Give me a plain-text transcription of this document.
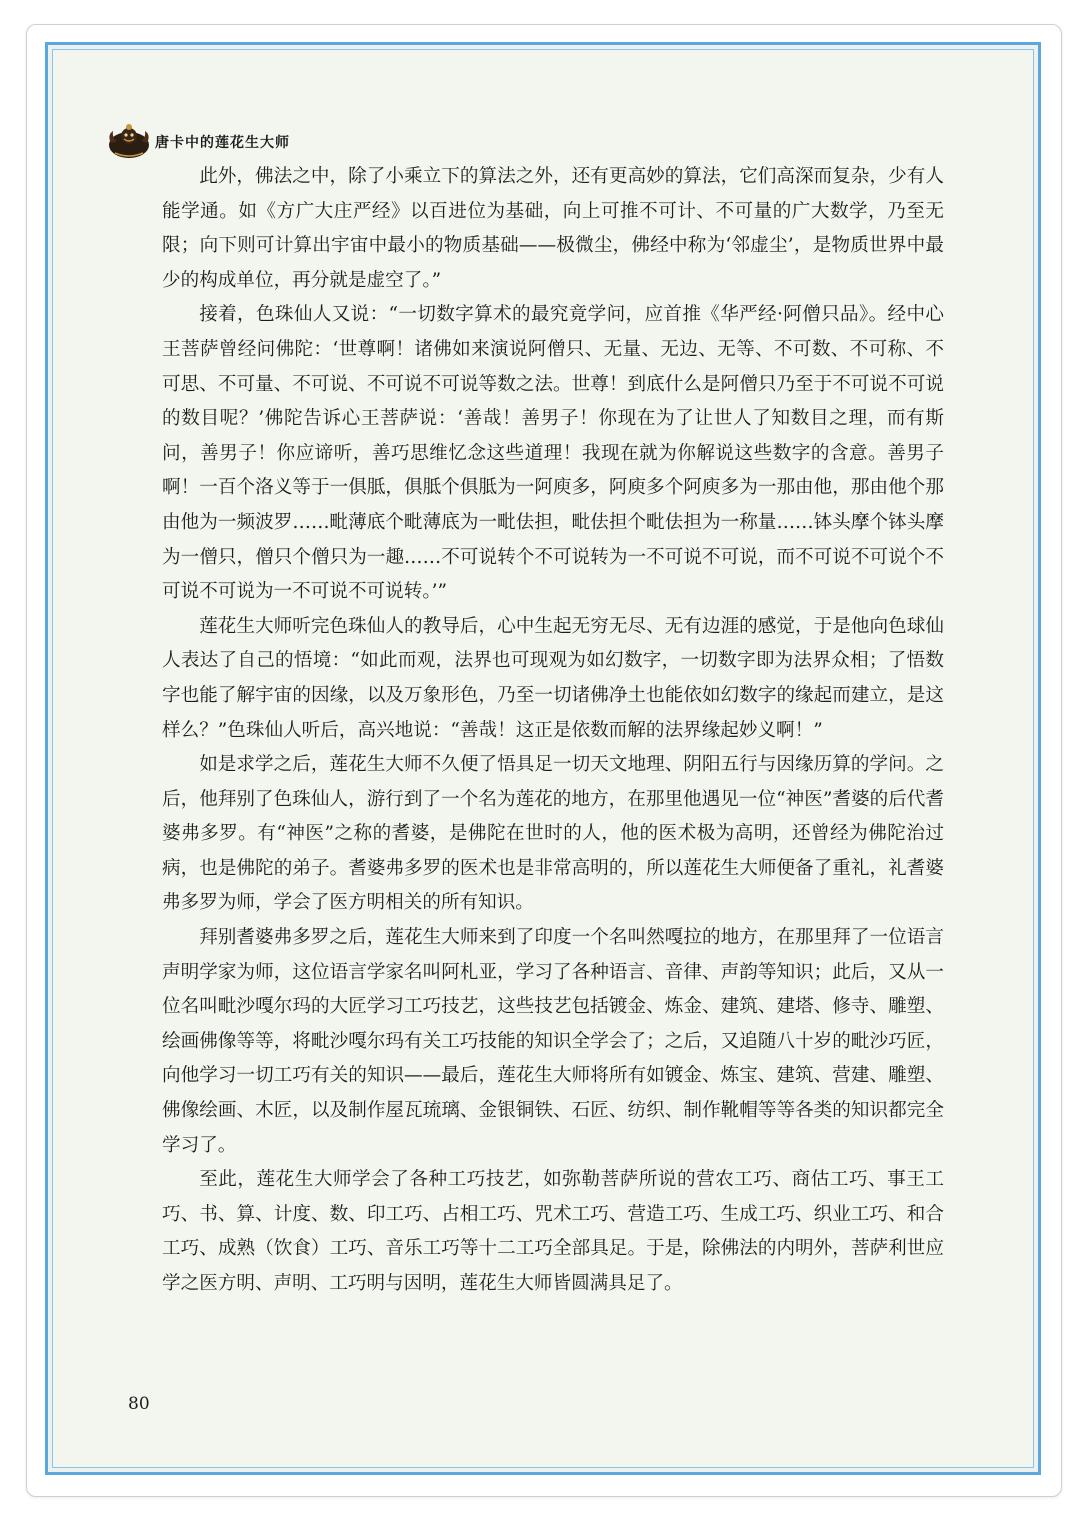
唐卡中的莲花生大师

此外，佛法之中，除了小乘立下的算法之外，还有更高妙的算法，它们高深而复杂，少有人能学通。如《方广大庄严经》以百进位为基础，向上可推不可计、不可量的广大数学，乃至无限；向下则可计算出宇宙中最小的物质基础——极微尘，佛经中称为‘邻虚尘’，是物质世界中最少的构成单位，再分就是虚空了。”

接着，色珠仙人又说：“一切数字算术的最究竟学问，应首推《华严经·阿僧只品》。经中心王菩萨曾经问佛陀：‘世尊啊！诸佛如来演说阿僧只、无量、无边、无等、不可数、不可称、不可思、不可量、不可说、不可说不可说等数之法。世尊！到底什么是阿僧只乃至于不可说不可说的数目呢？’佛陀告诉心王菩萨说：‘善哉！善男子！你现在为了让世人了知数目之理，而有斯问，善男子！你应谛听，善巧思维忆念这些道理！我现在就为你解说这些数字的含意。善男子啊！一百个洛义等于一俱胝，俱胝个俱胝为一阿庾多，阿庾多个阿庾多为一那由他，那由他个那由他为一频波罗……毗薄底个毗薄底为一毗佉担，毗佉担个毗佉担为一称量……钵头摩个钵头摩为一僧只，僧只个僧只为一趣……不可说转个不可说转为一不可说不可说，而不可说不可说个不可说不可说为一不可说不可说转。’”

莲花生大师听完色珠仙人的教导后，心中生起无穷无尽、无有边涯的感觉，于是他向色球仙人表达了自己的悟境：“如此而观，法界也可现观为如幻数字，一切数字即为法界众相；了悟数字也能了解宇宙的因缘，以及万象形色，乃至一切诸佛净土也能依如幻数字的缘起而建立，是这样么？”色珠仙人听后，高兴地说：“善哉！这正是依数而解的法界缘起妙义啊！”

如是求学之后，莲花生大师不久便了悟具足一切天文地理、阴阳五行与因缘历算的学问。之后，他拜别了色珠仙人，游行到了一个名为莲花的地方，在那里他遇见一位“神医”耆婆的后代耆婆弗多罗。有“神医”之称的耆婆，是佛陀在世时的人，他的医术极为高明，还曾经为佛陀治过病，也是佛陀的弟子。耆婆弗多罗的医术也是非常高明的，所以莲花生大师便备了重礼，礼耆婆弗多罗为师，学会了医方明相关的所有知识。

拜别耆婆弗多罗之后，莲花生大师来到了印度一个名叫然嘎拉的地方，在那里拜了一位语言声明学家为师，这位语言学家名叫阿札亚，学习了各种语言、音律、声韵等知识；此后，又从一位名叫毗沙嘎尔玛的大匠学习工巧技艺，这些技艺包括镀金、炼金、建筑、建塔、修寺、雕塑、绘画佛像等等，将毗沙嘎尔玛有关工巧技能的知识全学会了；之后，又追随八十岁的毗沙巧匠，向他学习一切工巧有关的知识——最后，莲花生大师将所有如镀金、炼宝、建筑、营建、雕塑、佛像绘画、木匠，以及制作屋瓦琉璃、金银铜铁、石匠、纺织、制作靴帽等等各类的知识都完全学习了。

至此，莲花生大师学会了各种工巧技艺，如弥勒菩萨所说的营农工巧、商估工巧、事王工巧、书、算、计度、数、印工巧、占相工巧、咒术工巧、营造工巧、生成工巧、织业工巧、和合工巧、成熟（饮食）工巧、音乐工巧等十二工巧全部具足。于是，除佛法的内明外，菩萨利世应学之医方明、声明、工巧明与因明，莲花生大师皆圆满具足了。

80
